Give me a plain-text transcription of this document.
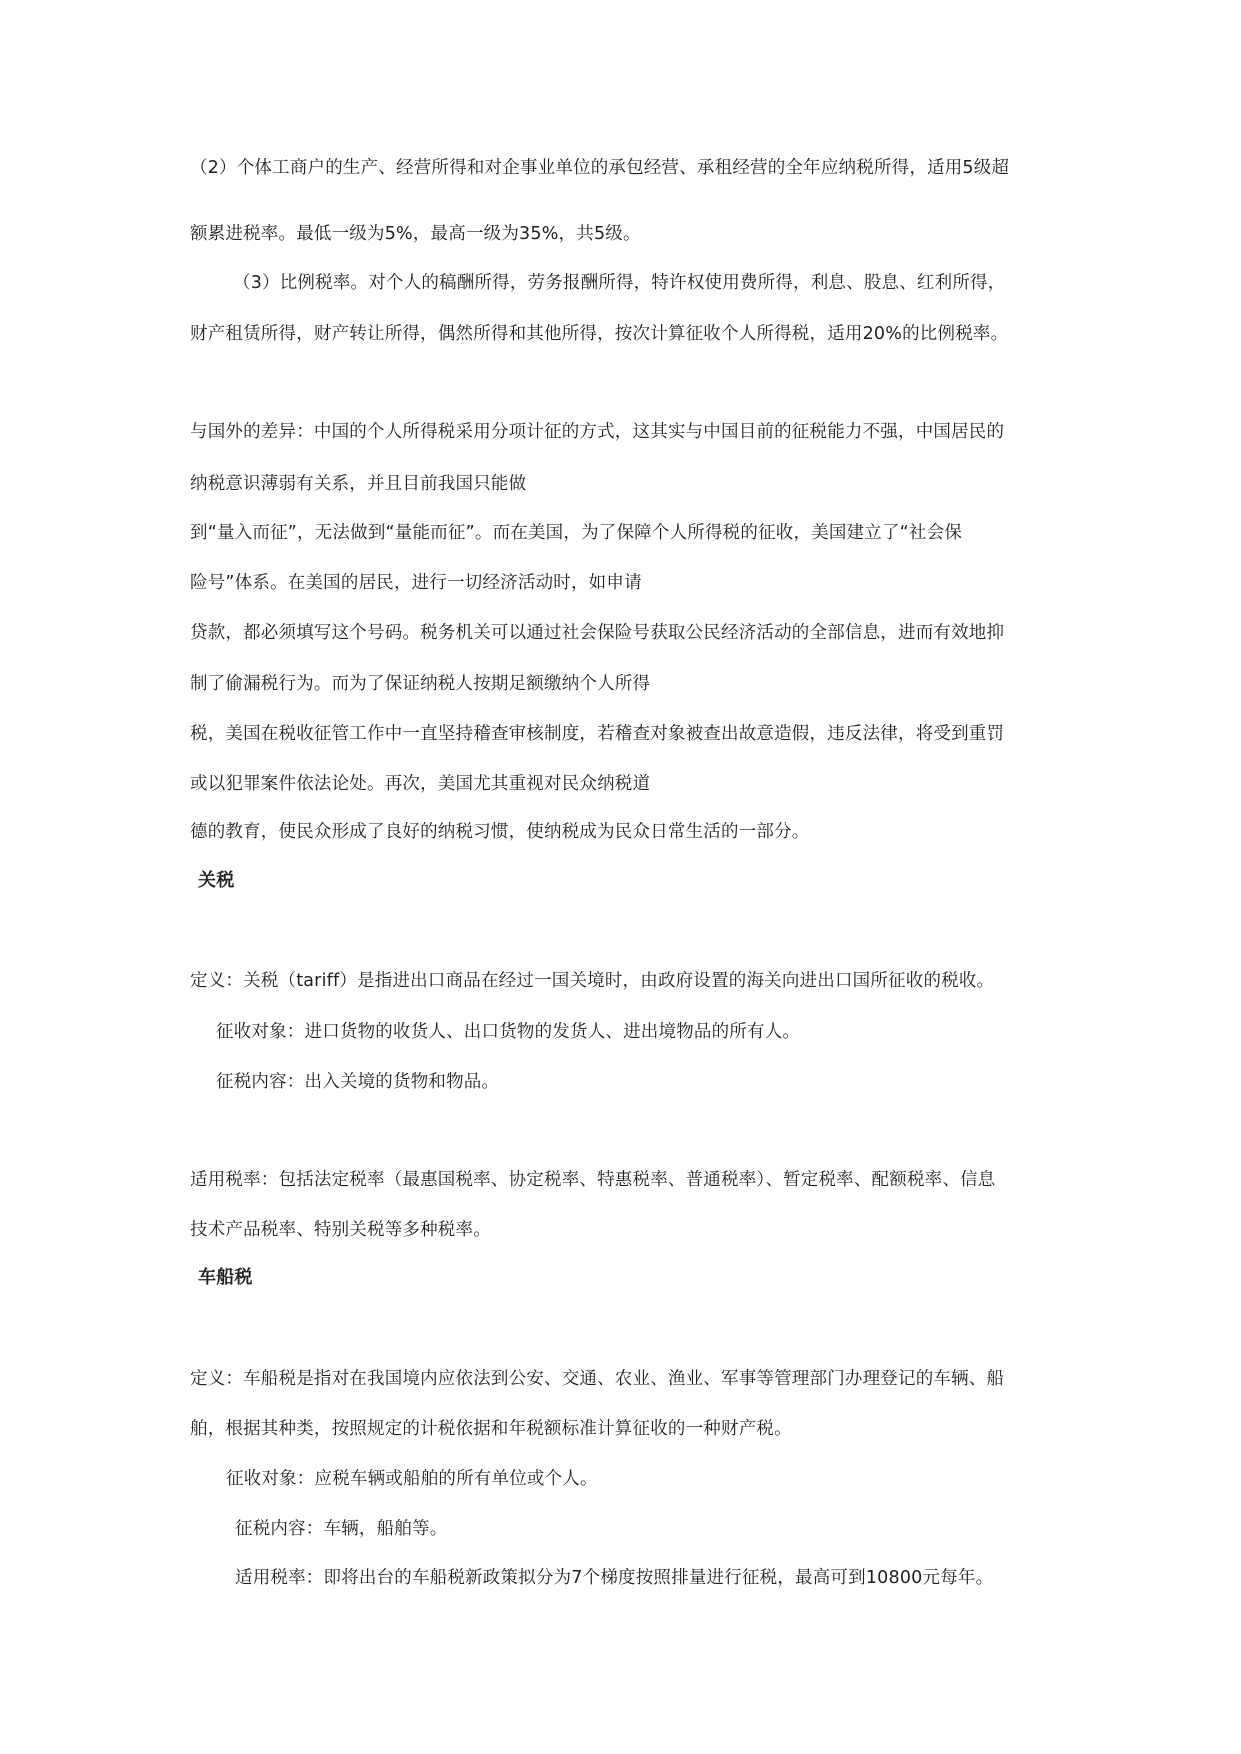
（2）个体工商户的生产、经营所得和对企事业单位的承包经营、承租经营的全年应纳税所得，适用5级超
额累进税率。最低一级为5%，最高一级为35%，共5级。
（3）比例税率。对个人的稿酬所得，劳务报酬所得，特许权使用费所得，利息、股息、红利所得，
财产租赁所得，财产转让所得，偶然所得和其他所得，按次计算征收个人所得税，适用20%的比例税率。
与国外的差异：中国的个人所得税采用分项计征的方式，这其实与中国目前的征税能力不强，中国居民的
纳税意识薄弱有关系，并且目前我国只能做
到“量入而征”，无法做到“量能而征”。而在美国，为了保障个人所得税的征收，美国建立了“社会保
险号”体系。在美国的居民，进行一切经济活动时，如申请
贷款，都必须填写这个号码。税务机关可以通过社会保险号获取公民经济活动的全部信息，进而有效地抑
制了偷漏税行为。而为了保证纳税人按期足额缴纳个人所得
税，美国在税收征管工作中一直坚持稽查审核制度，若稽查对象被查出故意造假，违反法律，将受到重罚
或以犯罪案件依法论处。再次，美国尤其重视对民众纳税道
德的教育，使民众形成了良好的纳税习惯，使纳税成为民众日常生活的一部分。
关税
定义：关税（tariff）是指进出口商品在经过一国关境时，由政府设置的海关向进出口国所征收的税收。
征收对象：进口货物的收货人、出口货物的发货人、进出境物品的所有人。
征税内容：出入关境的货物和物品。
适用税率：包括法定税率（最惠国税率、协定税率、特惠税率、普通税率）、暂定税率、配额税率、信息
技术产品税率、特别关税等多种税率。
车船税
定义：车船税是指对在我国境内应依法到公安、交通、农业、渔业、军事等管理部门办理登记的车辆、船
舶，根据其种类，按照规定的计税依据和年税额标准计算征收的一种财产税。
征收对象：应税车辆或船舶的所有单位或个人。
征税内容：车辆，船舶等。
适用税率：即将出台的车船税新政策拟分为7个梯度按照排量进行征税，最高可到10800元每年。
